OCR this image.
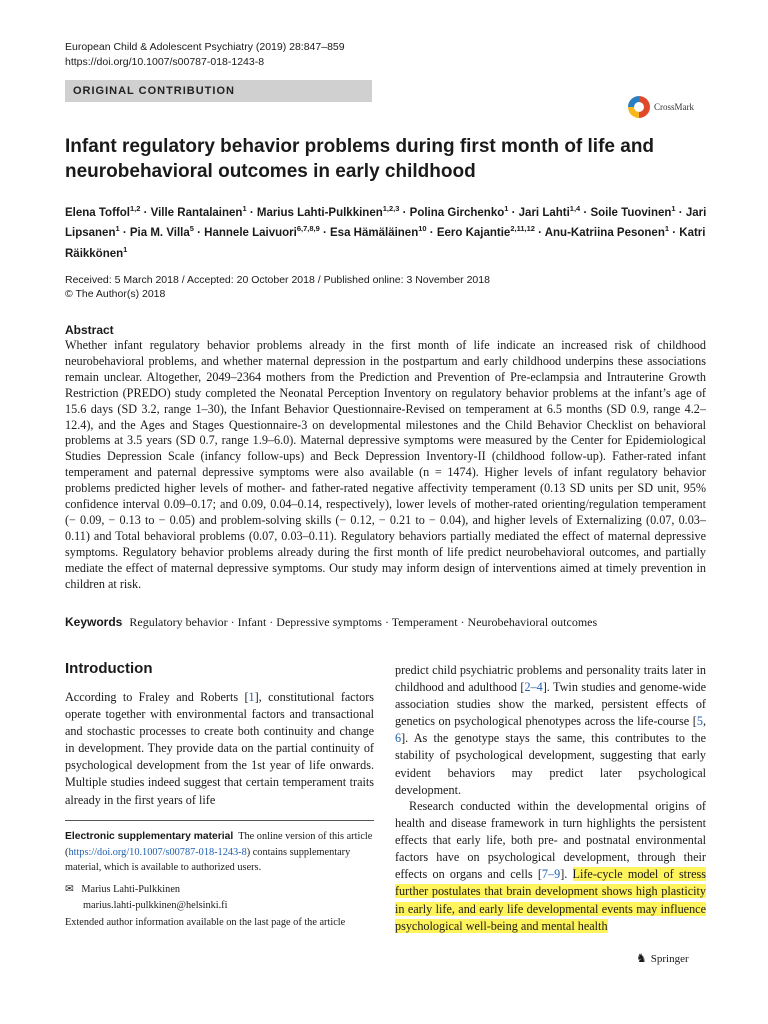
European Child & Adolescent Psychiatry (2019) 28:847–859
https://doi.org/10.1007/s00787-018-1243-8
ORIGINAL CONTRIBUTION
CrossMark
Infant regulatory behavior problems during first month of life and neurobehavioral outcomes in early childhood
Elena Toffol$^{1,2}$ · Ville Rantalainen$^1$ · Marius Lahti-Pulkkinen$^{1,2,3}$ · Polina Girchenko$^1$ · Jari Lahti$^{1,4}$ · Soile Tuovinen$^1$ · Jari Lipsanen$^1$ · Pia M. Villa$^5$ · Hannele Laivuori$^{6,7,8,9}$ · Esa Hämäläinen$^{10}$ · Eero Kajantie$^{2,11,12}$ · Anu-Katriina Pesonen$^1$ · Katri Räikkönen$^1$
Received: 5 March 2018 / Accepted: 20 October 2018 / Published online: 3 November 2018
© The Author(s) 2018
Abstract
Whether infant regulatory behavior problems already in the first month of life indicate an increased risk of childhood neurobehavioral problems, and whether maternal depression in the postpartum and early childhood underpins these associations remain unclear. Altogether, 2049–2364 mothers from the Prediction and Prevention of Pre-eclampsia and Intrauterine Growth Restriction (PREDO) study completed the Neonatal Perception Inventory on regulatory behavior problems at the infant’s age of 15.6 days (SD 3.2, range 1–30), the Infant Behavior Questionnaire-Revised on temperament at 6.5 months (SD 0.9, range 4.2–12.4), and the Ages and Stages Questionnaire-3 on developmental milestones and the Child Behavior Checklist on behavioral problems at 3.5 years (SD 0.7, range 1.9–6.0). Maternal depressive symptoms were measured by the Center for Epidemiological Studies Depression Scale (infancy follow-ups) and Beck Depression Inventory-II (childhood follow-up). Father-rated infant temperament and paternal depressive symptoms were also available (n = 1474). Higher levels of infant regulatory behavior problems predicted higher levels of mother- and father-rated negative affectivity temperament (0.13 SD units per SD unit, 95% confidence interval 0.09–0.17; and 0.09, 0.04–0.14, respectively), lower levels of mother-rated orienting/regulation temperament (− 0.09, − 0.13 to − 0.05) and problem-solving skills (− 0.12, − 0.21 to − 0.04), and higher levels of Externalizing (0.07, 0.03–0.11) and Total behavioral problems (0.07, 0.03–0.11). Regulatory behaviors partially mediated the effect of maternal depressive symptoms. Regulatory behavior problems already during the first month of life predict neurobehavioral outcomes, and partially mediate the effect of maternal depressive symptoms. Our study may inform design of interventions aimed at timely prevention in children at risk.
Keywords Regulatory behavior · Infant · Depressive symptoms · Temperament · Neurobehavioral outcomes
Introduction
According to Fraley and Roberts [1], constitutional factors operate together with environmental factors and transactional and stochastic processes to create both continuity and change in development. They provide data on the partial continuity of psychological development from the 1st year of life onwards. Multiple studies indeed suggest that certain temperament traits already in the first years of life
predict child psychiatric problems and personality traits later in childhood and adulthood [2–4]. Twin studies and genome-wide association studies show the marked, persistent effects of genetics on psychological phenotypes across the life-course [5, 6]. As the genotype stays the same, this contributes to the stability of psychological development, suggesting that early evident behaviors may predict later psychological development.
Research conducted within the developmental origins of health and disease framework in turn highlights the persistent effects that early life, both pre- and postnatal environmental factors have on psychological development, through their effects on organs and cells [7–9]. Life-cycle model of stress further postulates that brain development shows high plasticity in early life, and early life developmental events may influence psychological well-being and mental health
Electronic supplementary material The online version of this article (https://doi.org/10.1007/s00787-018-1243-8) contains supplementary material, which is available to authorized users.
✉ Marius Lahti-Pulkkinen
marius.lahti-pulkkinen@helsinki.fi
Extended author information available on the last page of the article
♞ Springer
